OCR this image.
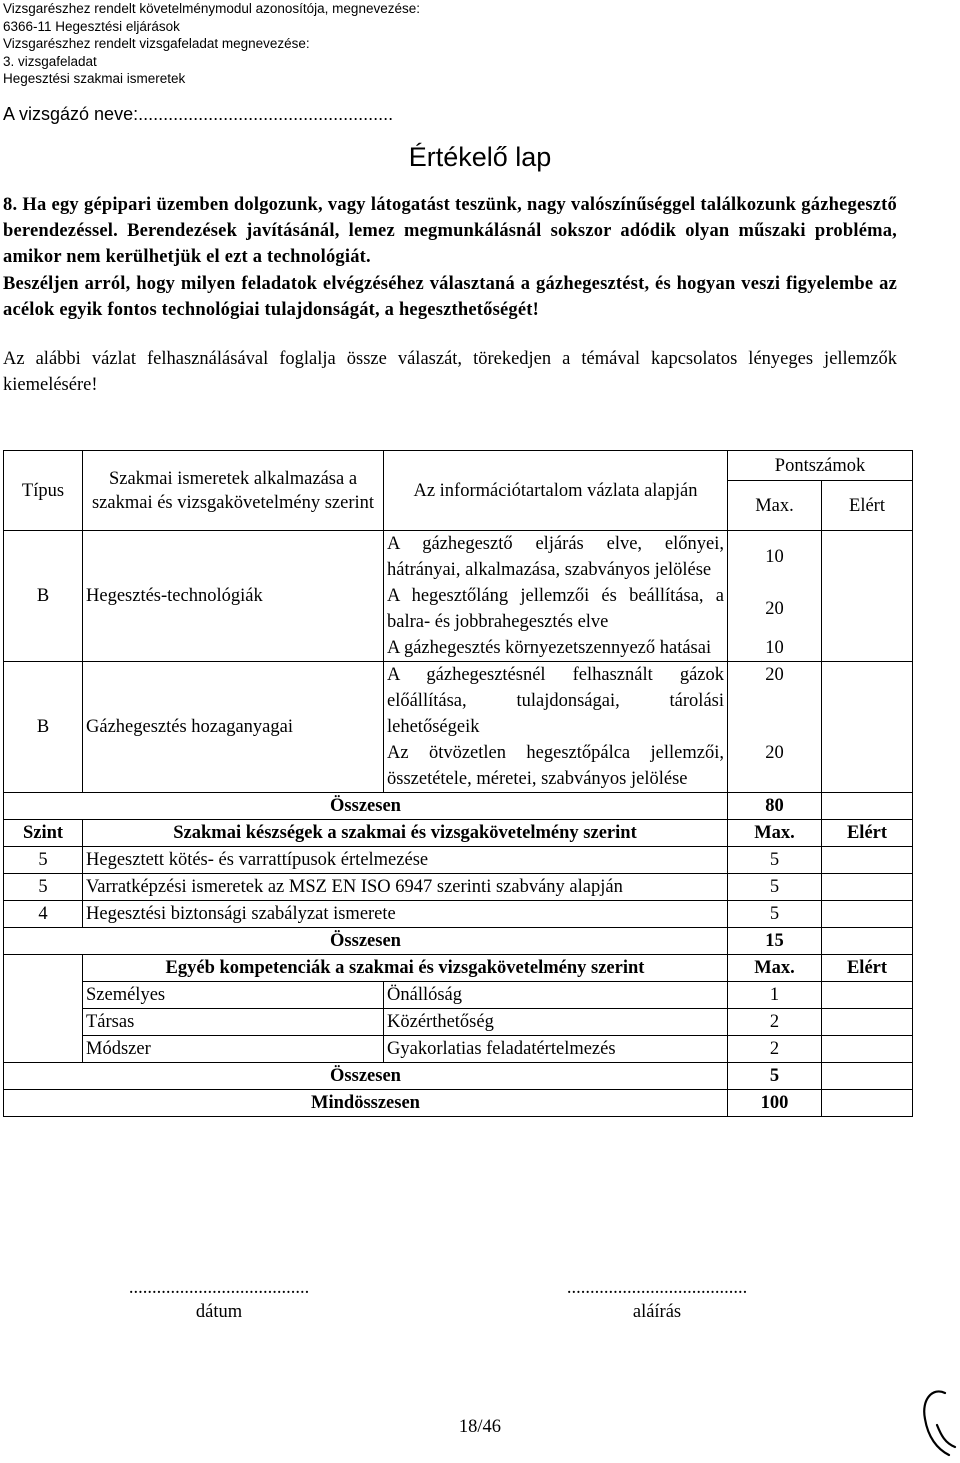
Vizsgarészhez rendelt követelménymodul azonosítója, megnevezése:
6366-11 Hegesztési eljárások
Vizsgarészhez rendelt vizsgafeladat megnevezése:
3. vizsgafeladat
Hegesztési szakmai ismeretek
A vizsgázó neve:...................................................
Értékelő lap

8. Ha egy gépipari üzemben dolgozunk, vagy látogatást teszünk, nagy valószínűséggel találkozunk gázhegesztő berendezéssel. Berendezések javításánál, lemez megmunkálásnál sokszor adódik olyan műszaki probléma, amikor nem kerülhetjük el ezt a technológiát.

Beszéljen arról, hogy milyen feladatok elvégzéséhez választaná a gázhegesztést, és hogyan veszi figyelembe az acélok egyik fontos technológiai tulajdonságát, a hegeszthetőségét!

Az alábbi vázlat felhasználásával foglalja össze válaszát, törekedjen a témával kapcsolatos lényeges jellemzők kiemelésére!
Típus	Szakmai ismeretek alkalmazása a szakmai és vizsgakövetelmény szerint	Az információtartalom vázlata alapján	Pontszámok	
			Max.	Elért
B	Hegesztés-technológiák	A gázhegesztő eljárás elve, előnyei, hátrányai, alkalmazása, szabványos jelölése	10	
		A hegesztőláng jellemzői és beállítása, a balra- és jobbrahegesztés elve	20	
		A gázhegesztés környezetszennyező hatásai	10	
B	Gázhegesztés hozaganyagai	A gázhegesztésnél felhasznált gázok előállítása, tulajdonságai, tárolási lehetőségeik	20	
		Az ötvözetlen hegesztőpálca jellemzői, összetétele, méretei, szabványos jelölése	20	
Összesen			80	
Szint	Szakmai készségek a szakmai és vizsgakövetelmény szerint		Max.	Elért
5	Hegesztett kötés- és varrattípusok értelmezése		5	
5	Varratképzési ismeretek az MSZ EN ISO 6947 szerinti szabvány alapján		5	
4	Hegesztési biztonsági szabályzat ismerete		5	
Összesen			15	
	Egyéb kompetenciák a szakmai és vizsgakövetelmény szerint		Max.	Elért
	Személyes	Önállóság	1	
	Társas	Közérthetőség	2	
	Módszer	Gyakorlatias feladatértelmezés	2	
Összesen			5	
Mindösszesen			100	
.......................................
dátum
.......................................
aláírás
18/46
